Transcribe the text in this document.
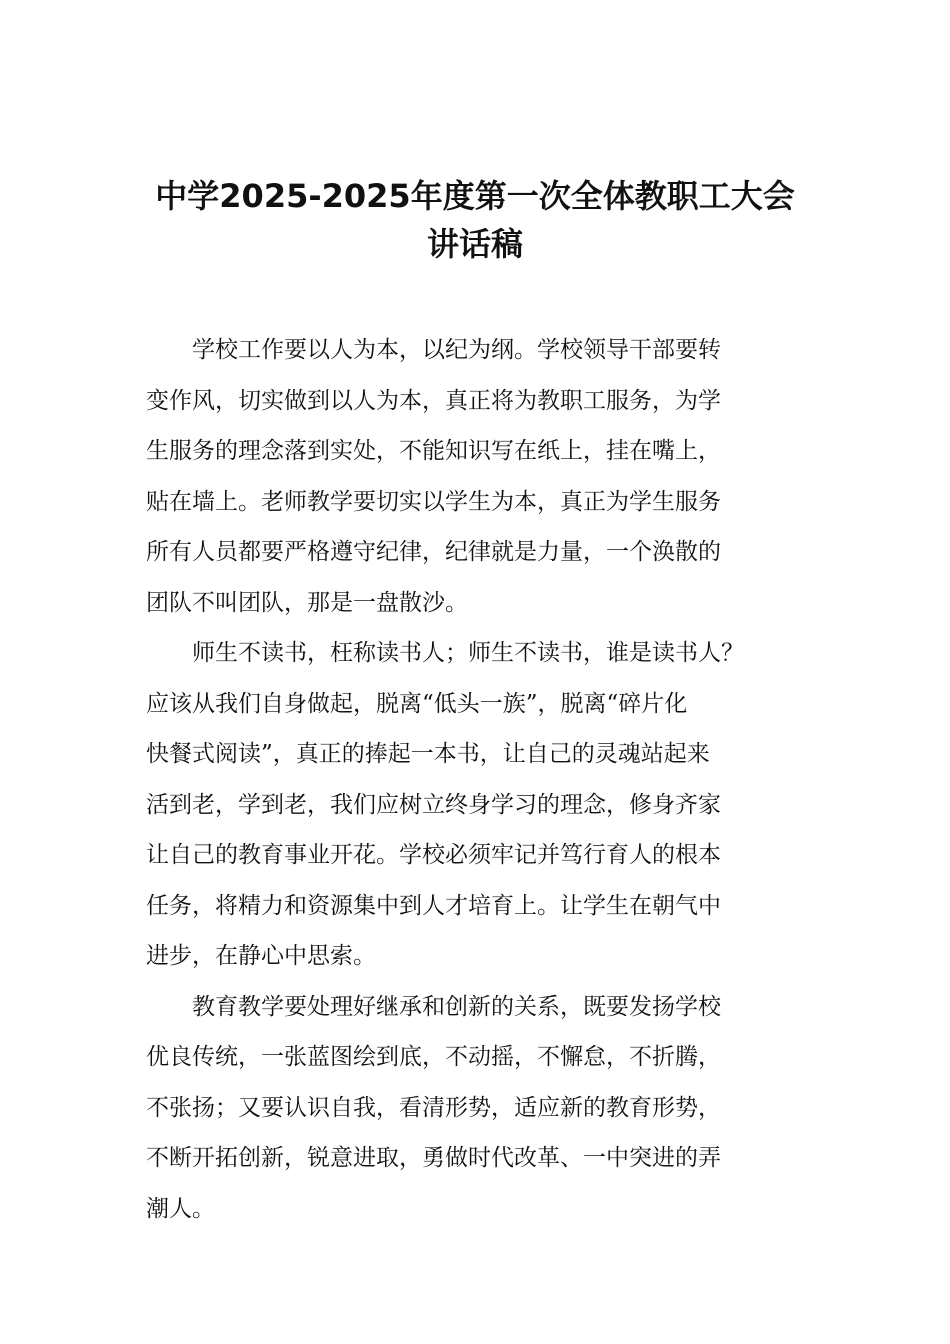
中学2025-2025年度第一次全体教职工大会
讲话稿
　　学校工作要以人为本，以纪为纲。学校领导干部要转
变作风，切实做到以人为本，真正将为教职工服务，为学
生服务的理念落到实处，不能知识写在纸上，挂在嘴上，
贴在墙上。老师教学要切实以学生为本，真正为学生服务
所有人员都要严格遵守纪律，纪律就是力量，一个涣散的
团队不叫团队，那是一盘散沙。
　　师生不读书，枉称读书人；师生不读书，谁是读书人？
应该从我们自身做起，脱离“低头一族”，脱离“碎片化
快餐式阅读”，真正的捧起一本书，让自己的灵魂站起来
活到老，学到老，我们应树立终身学习的理念，修身齐家
让自己的教育事业开花。学校必须牢记并笃行育人的根本
任务，将精力和资源集中到人才培育上。让学生在朝气中
进步，在静心中思索。
　　教育教学要处理好继承和创新的关系，既要发扬学校
优良传统，一张蓝图绘到底，不动摇，不懈怠，不折腾，
不张扬；又要认识自我，看清形势，适应新的教育形势，
不断开拓创新，锐意进取，勇做时代改革、一中突进的弄
潮人。
